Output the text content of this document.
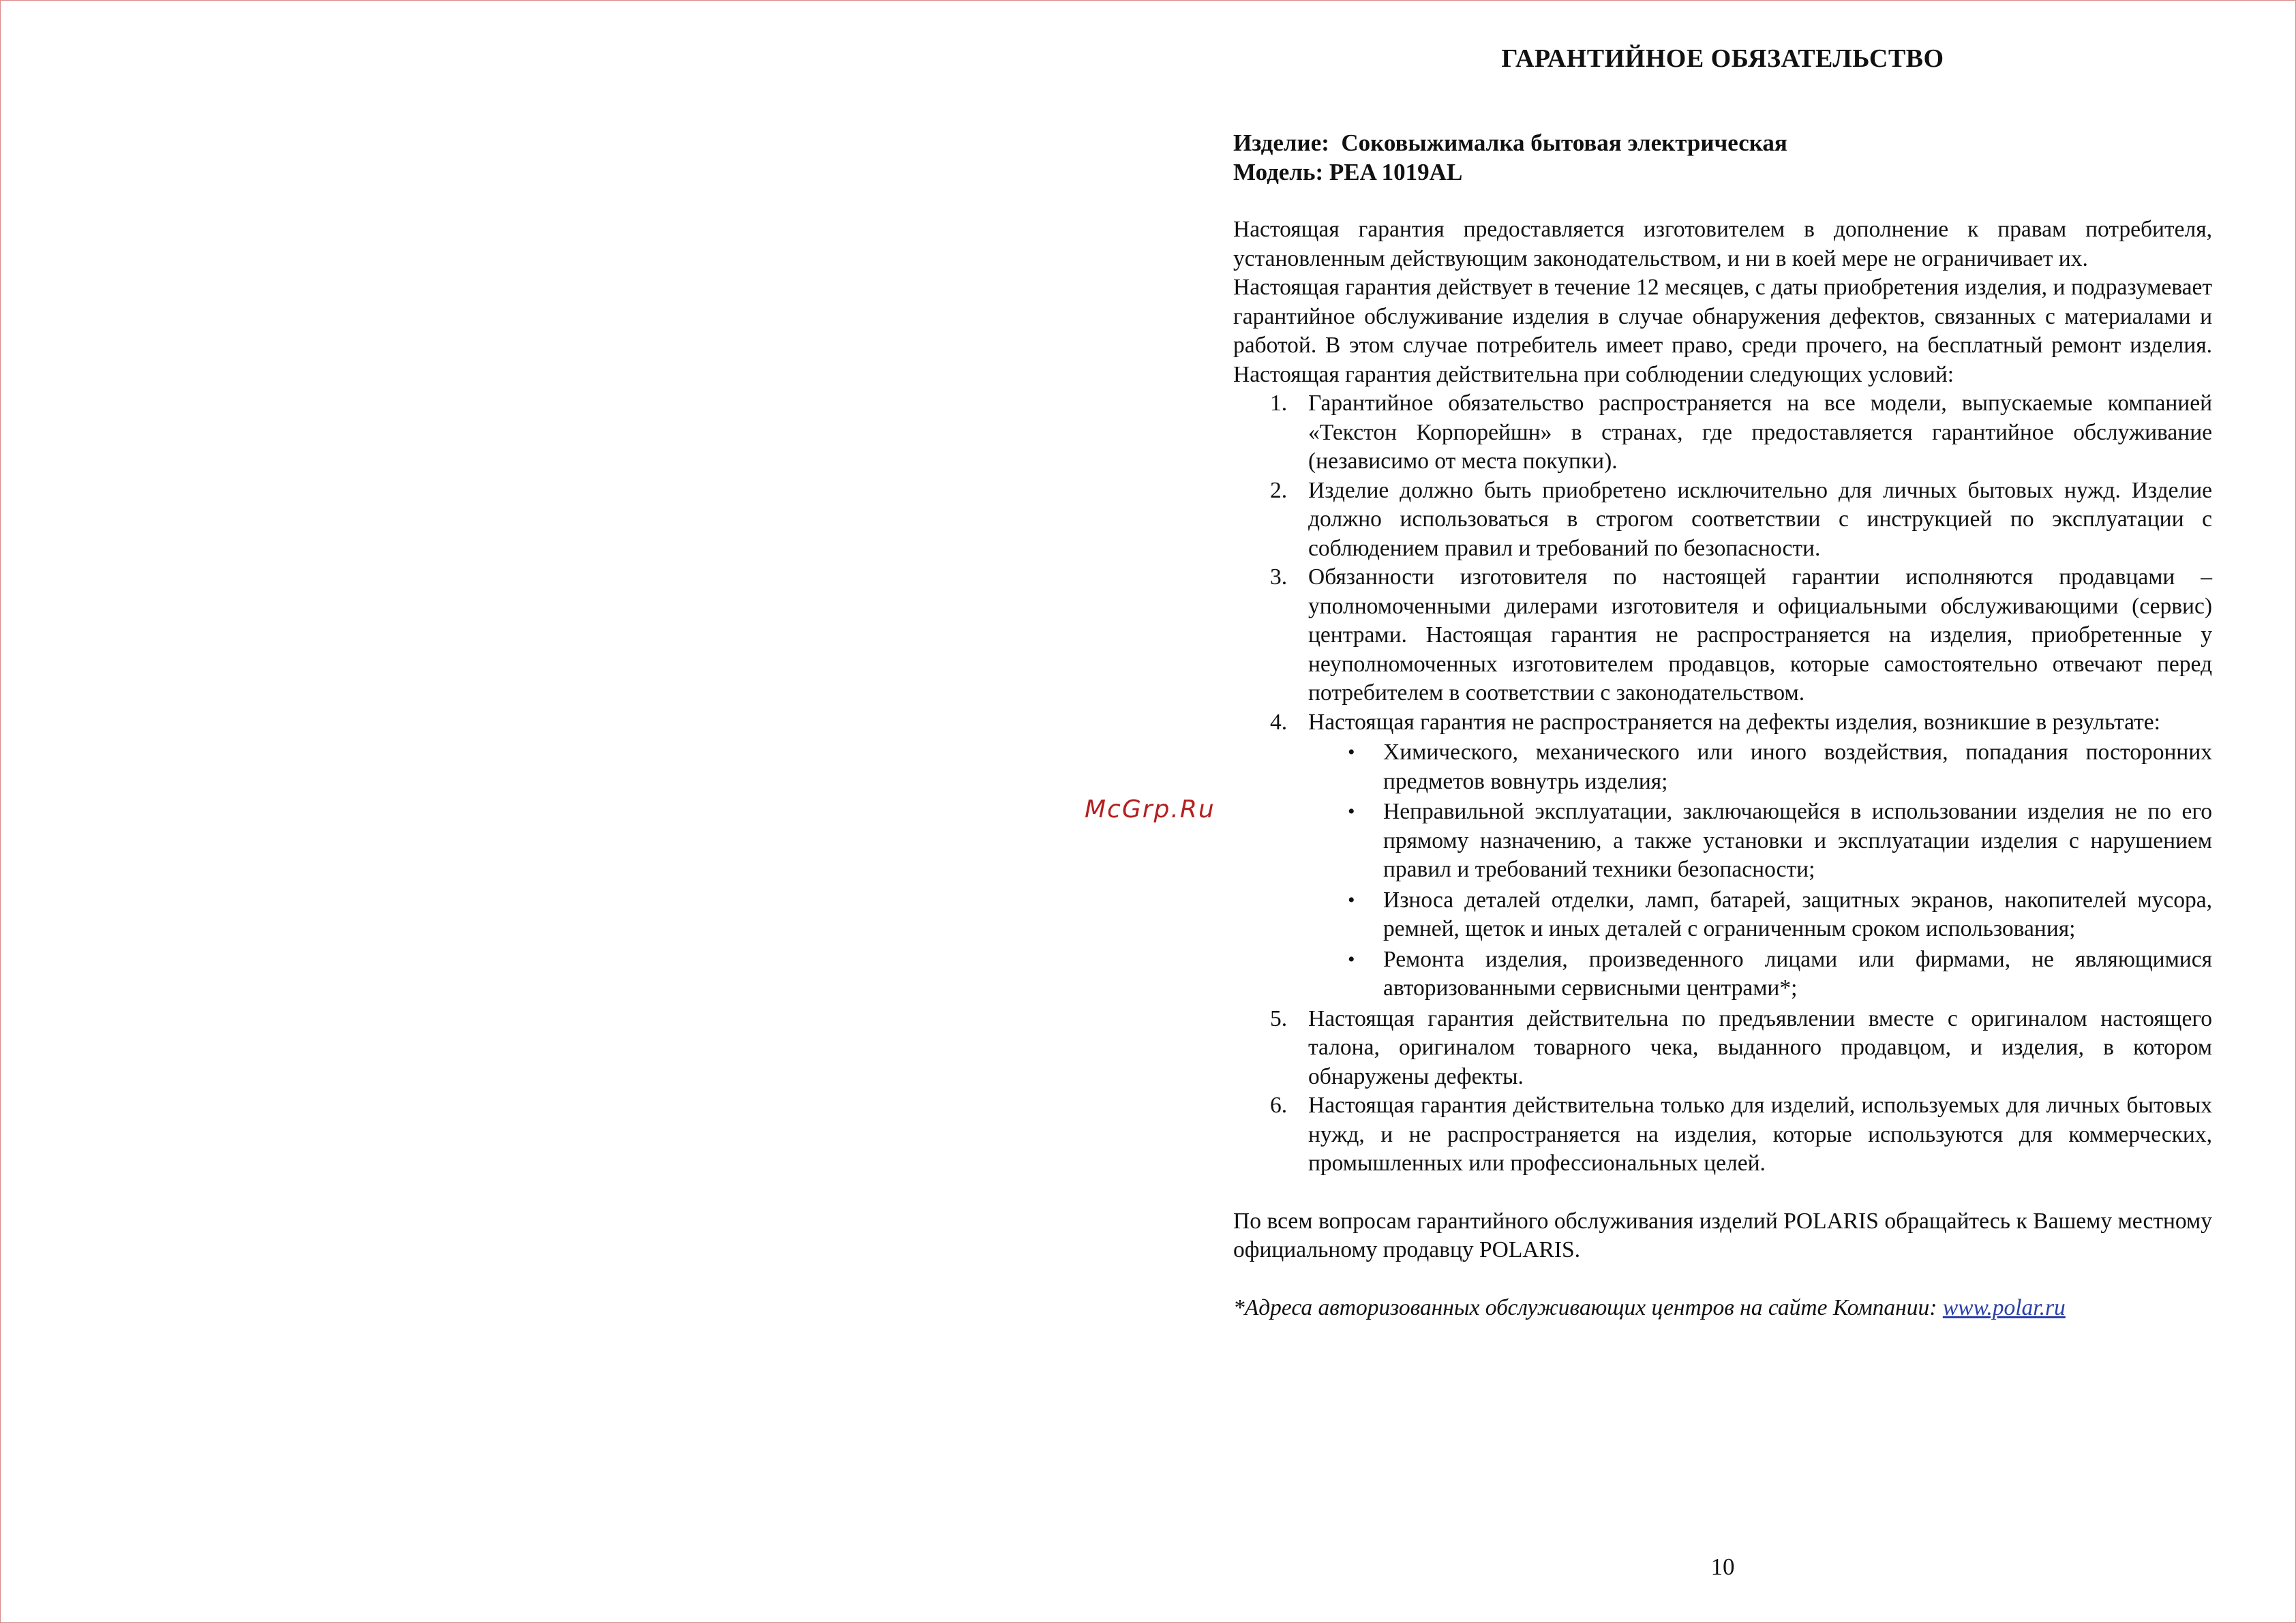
McGrp.Ru
ГАРАНТИЙНОЕ ОБЯЗАТЕЛЬСТВО
Изделие: Соковыжималка бытовая электрическая
Модель: PEA 1019AL

Настоящая гарантия предоставляется изготовителем в дополнение к правам потребителя, установленным действующим законодательством, и ни в коей мере не ограничивает их.

Настоящая гарантия действует в течение 12 месяцев, с даты приобретения изделия, и подразумевает гарантийное обслуживание изделия в случае обнаружения дефектов, связанных с материалами и работой. В этом случае потребитель имеет право, среди прочего, на бесплатный ремонт изделия. Настоящая гарантия действительна при соблюдении следующих условий:

1. Гарантийное обязательство распространяется на все модели, выпускаемые компанией «Текстон Корпорейшн» в странах, где предоставляется гарантийное обслуживание (независимо от места покупки).
2. Изделие должно быть приобретено исключительно для личных бытовых нужд. Изделие должно использоваться в строгом соответствии с инструкцией по эксплуатации с соблюдением правил и требований по безопасности.
3. Обязанности изготовителя по настоящей гарантии исполняются продавцами – уполномоченными дилерами изготовителя и официальными обслуживающими (сервис) центрами. Настоящая гарантия не распространяется на изделия, приобретенные у неуполномоченных изготовителем продавцов, которые самостоятельно отвечают перед потребителем в соответствии с законодательством.
4. Настоящая гарантия не распространяется на дефекты изделия, возникшие в результате:
• Химического, механического или иного воздействия, попадания посторонних предметов вовнутрь изделия;
• Неправильной эксплуатации, заключающейся в использовании изделия не по его прямому назначению, а также установки и эксплуатации изделия с нарушением правил и требований техники безопасности;
• Износа деталей отделки, ламп, батарей, защитных экранов, накопителей мусора, ремней, щеток и иных деталей с ограниченным сроком использования;
• Ремонта изделия, произведенного лицами или фирмами, не являющимися авторизованными сервисными центрами*;
5. Настоящая гарантия действительна по предъявлении вместе с оригиналом настоящего талона, оригиналом товарного чека, выданного продавцом, и изделия, в котором обнаружены дефекты.
6. Настоящая гарантия действительна только для изделий, используемых для личных бытовых нужд, и не распространяется на изделия, которые используются для коммерческих, промышленных или профессиональных целей.

По всем вопросам гарантийного обслуживания изделий POLARIS обращайтесь к Вашему местному официальному продавцу POLARIS.

*Адреса авторизованных обслуживающих центров на сайте Компании: www.polar.ru

10
